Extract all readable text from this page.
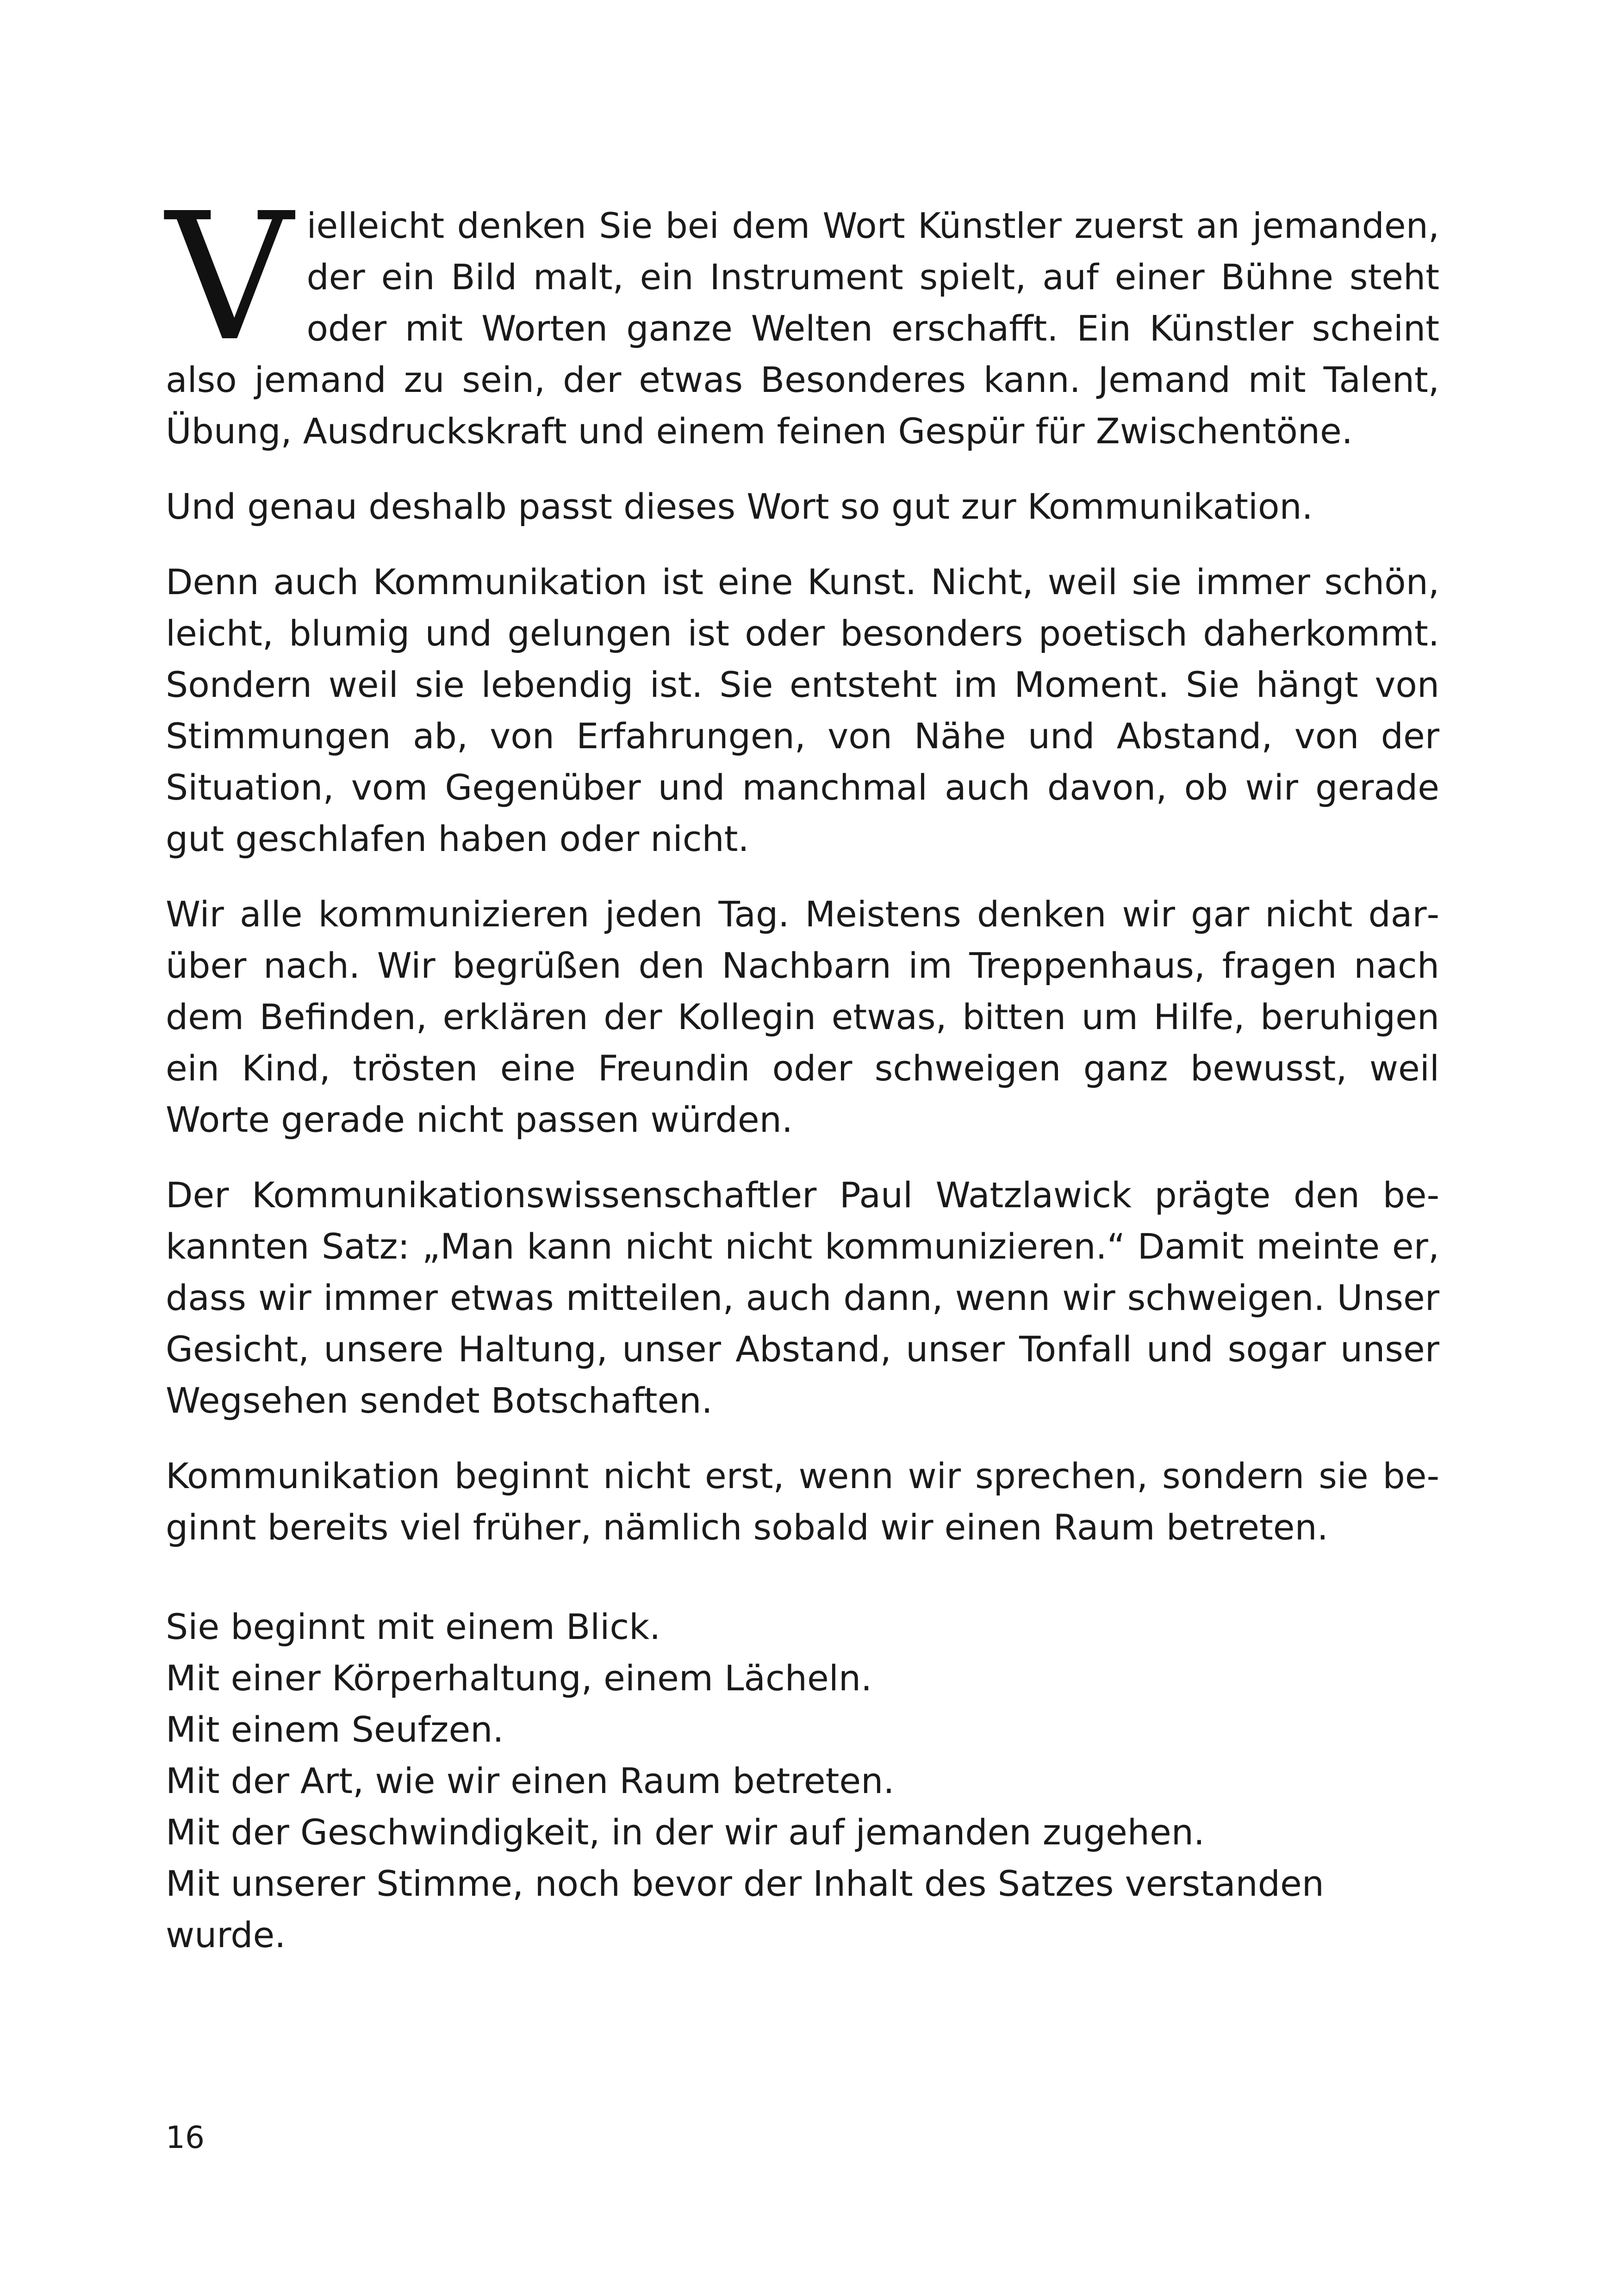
Vielleicht denken Sie bei dem Wort Künstler zuerst an jemanden, der ein Bild malt, ein Instrument spielt, auf einer Bühne steht oder mit Worten ganze Welten erschafft. Ein Künstler scheint also jemand zu sein, der etwas Besonderes kann. Jemand mit Talent, Übung, Ausdruckskraft und einem feinen Gespür für Zwischentöne.

Und genau deshalb passt dieses Wort so gut zur Kommunikation.

Denn auch Kommunikation ist eine Kunst. Nicht, weil sie immer schön, leicht, blumig und gelungen ist oder besonders poetisch daherkommt. Sondern weil sie lebendig ist. Sie entsteht im Moment. Sie hängt von Stimmungen ab, von Erfahrungen, von Nähe und Abstand, von der Situation, vom Gegenüber und manchmal auch davon, ob wir gerade gut geschlafen haben oder nicht.

Wir alle kommunizieren jeden Tag. Meistens denken wir gar nicht darüber nach. Wir begrüßen den Nachbarn im Treppenhaus, fragen nach dem Befinden, erklären der Kollegin etwas, bitten um Hilfe, beruhigen ein Kind, trösten eine Freundin oder schweigen ganz bewusst, weil Worte gerade nicht passen würden.

Der Kommunikationswissenschaftler Paul Watzlawick prägte den bekannten Satz: „Man kann nicht nicht kommunizieren.“ Damit meinte er, dass wir immer etwas mitteilen, auch dann, wenn wir schweigen. Unser Gesicht, unsere Haltung, unser Abstand, unser Tonfall und sogar unser Wegsehen sendet Botschaften.

Kommunikation beginnt nicht erst, wenn wir sprechen, sondern sie beginnt bereits viel früher, nämlich sobald wir einen Raum betreten.

Sie beginnt mit einem Blick.
Mit einer Körperhaltung, einem Lächeln.
Mit einem Seufzen.
Mit der Art, wie wir einen Raum betreten.
Mit der Geschwindigkeit, in der wir auf jemanden zugehen.
Mit unserer Stimme, noch bevor der Inhalt des Satzes verstanden wurde.
16
